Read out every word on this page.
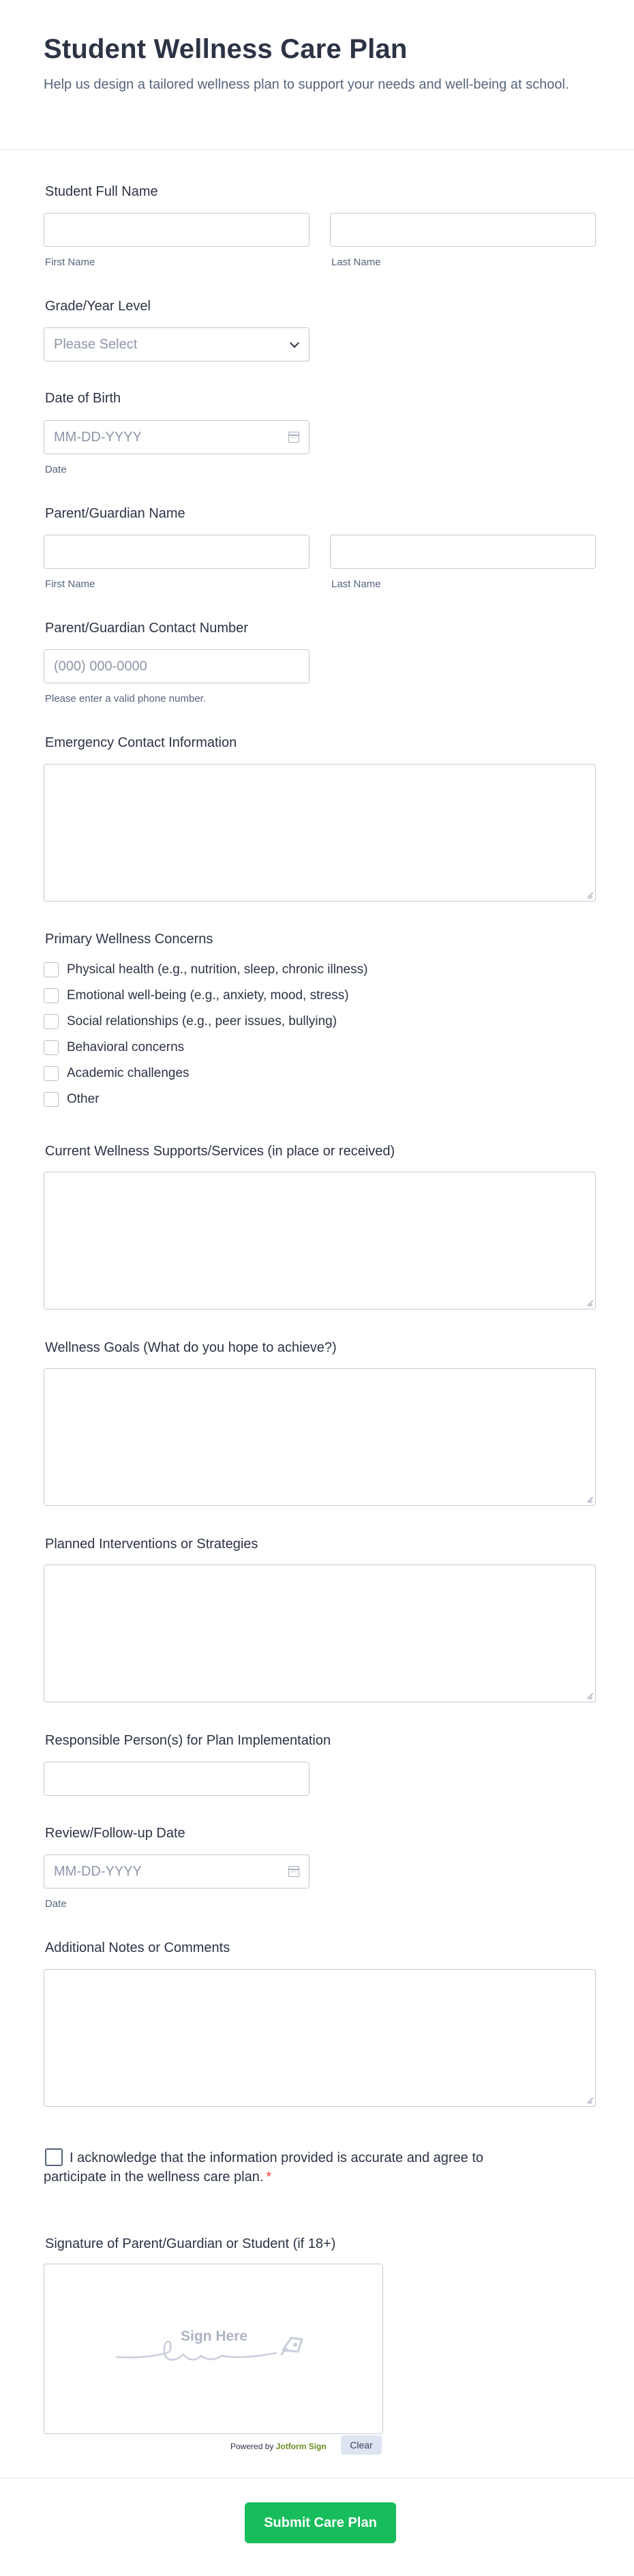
Student Wellness Care Plan

Help us design a tailored wellness plan to support your needs and well-being at school.

Student Full Name
First Name	Last Name
Grade/Year Level
Please Select
Date of Birth
MM-DD-YYYY
Date
Parent/Guardian Name
First Name	Last Name
Parent/Guardian Contact Number
(000) 000-0000
Please enter a valid phone number.
Emergency Contact Information
Primary Wellness Concerns
Physical health (e.g., nutrition, sleep, chronic illness)
Emotional well-being (e.g., anxiety, mood, stress)
Social relationships (e.g., peer issues, bullying)
Behavioral concerns
Academic challenges
Other
Current Wellness Supports/Services (in place or received)
Wellness Goals (What do you hope to achieve?)
Planned Interventions or Strategies
Responsible Person(s) for Plan Implementation
Review/Follow-up Date
MM-DD-YYYY
Date
Additional Notes or Comments
I acknowledge that the information provided is accurate and agree to participate in the wellness care plan. *
Signature of Parent/Guardian or Student (if 18+)
Sign Here
Powered by Jotform Sign	Clear
Submit Care Plan
